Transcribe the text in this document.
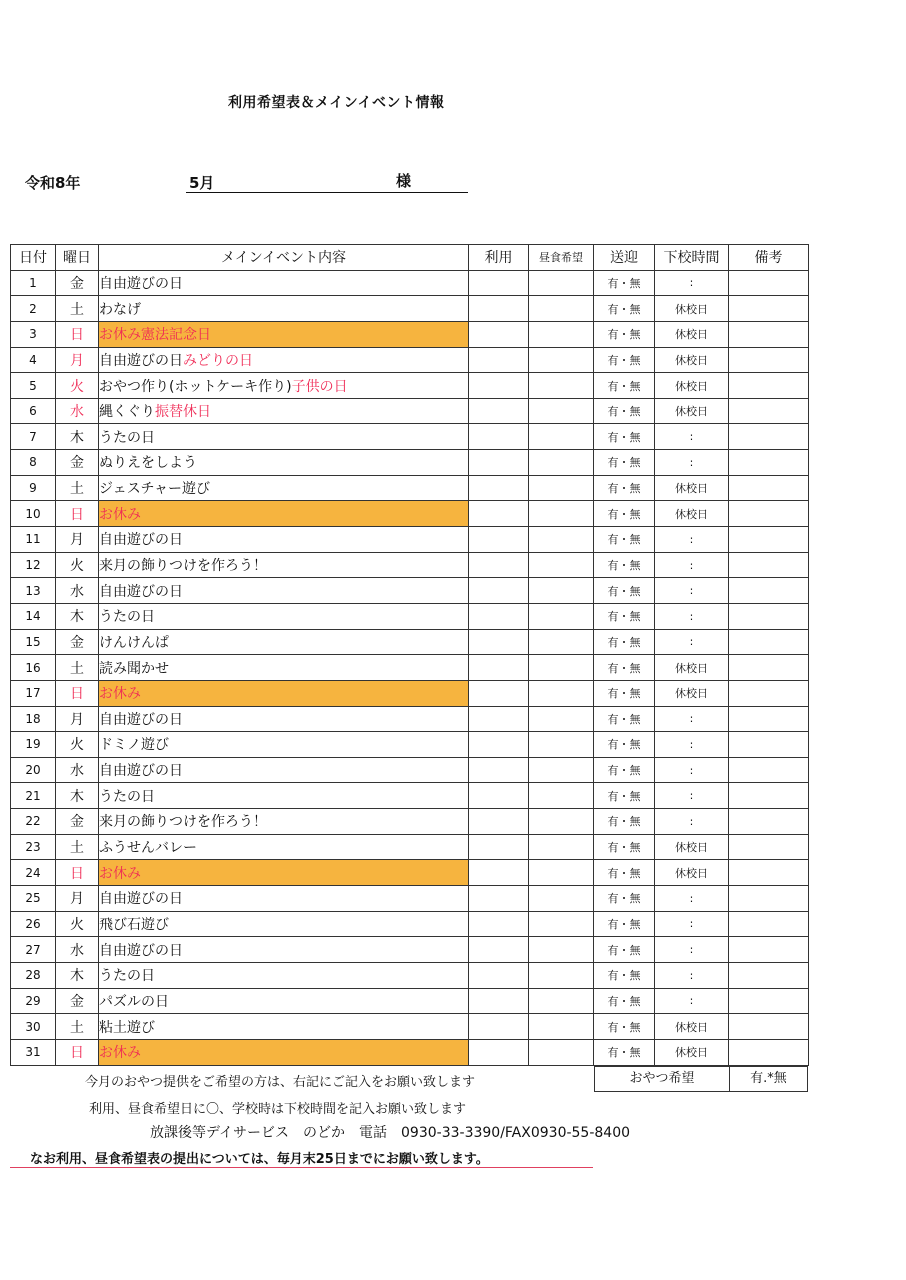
利用希望表＆メインイベント情報
令和8年	5月	様
日付	曜日	メインイベント内容	利用	昼食希望	送迎	下校時間	備考
1	金	自由遊びの日			有・無	:	
2	土	わなげ			有・無	休校日	
3	日	お休み憲法記念日			有・無	休校日	
4	月	自由遊びの日みどりの日			有・無	休校日	
5	火	おやつ作り(ホットケーキ作り)子供の日			有・無	休校日	
6	水	縄くぐり振替休日			有・無	休校日	
7	木	うたの日			有・無	:	
8	金	ぬりえをしよう			有・無	:	
9	土	ジェスチャー遊び			有・無	休校日	
10	日	お休み			有・無	休校日	
11	月	自由遊びの日			有・無	:	
12	火	来月の飾りつけを作ろう！			有・無	:	
13	水	自由遊びの日			有・無	:	
14	木	うたの日			有・無	:	
15	金	けんけんぱ			有・無	:	
16	土	読み聞かせ			有・無	休校日	
17	日	お休み			有・無	休校日	
18	月	自由遊びの日			有・無	:	
19	火	ドミノ遊び			有・無	:	
20	水	自由遊びの日			有・無	:	
21	木	うたの日			有・無	:	
22	金	来月の飾りつけを作ろう！			有・無	:	
23	土	ふうせんバレー			有・無	休校日	
24	日	お休み			有・無	休校日	
25	月	自由遊びの日			有・無	:	
26	火	飛び石遊び			有・無	:	
27	水	自由遊びの日			有・無	:	
28	木	うたの日			有・無	:	
29	金	パズルの日			有・無	:	
30	土	粘土遊び			有・無	休校日	
31	日	お休み			有・無	休校日	
今月のおやつ提供をご希望の方は、右記にご記入をお願い致します	おやつ希望	有.*無
利用、昼食希望日に〇、学校時は下校時間を記入お願い致します
放課後等デイサービス　のどか　電話　0930-33-3390/FAX0930-55-8400
なお利用、昼食希望表の提出については、毎月末25日までにお願い致します。
